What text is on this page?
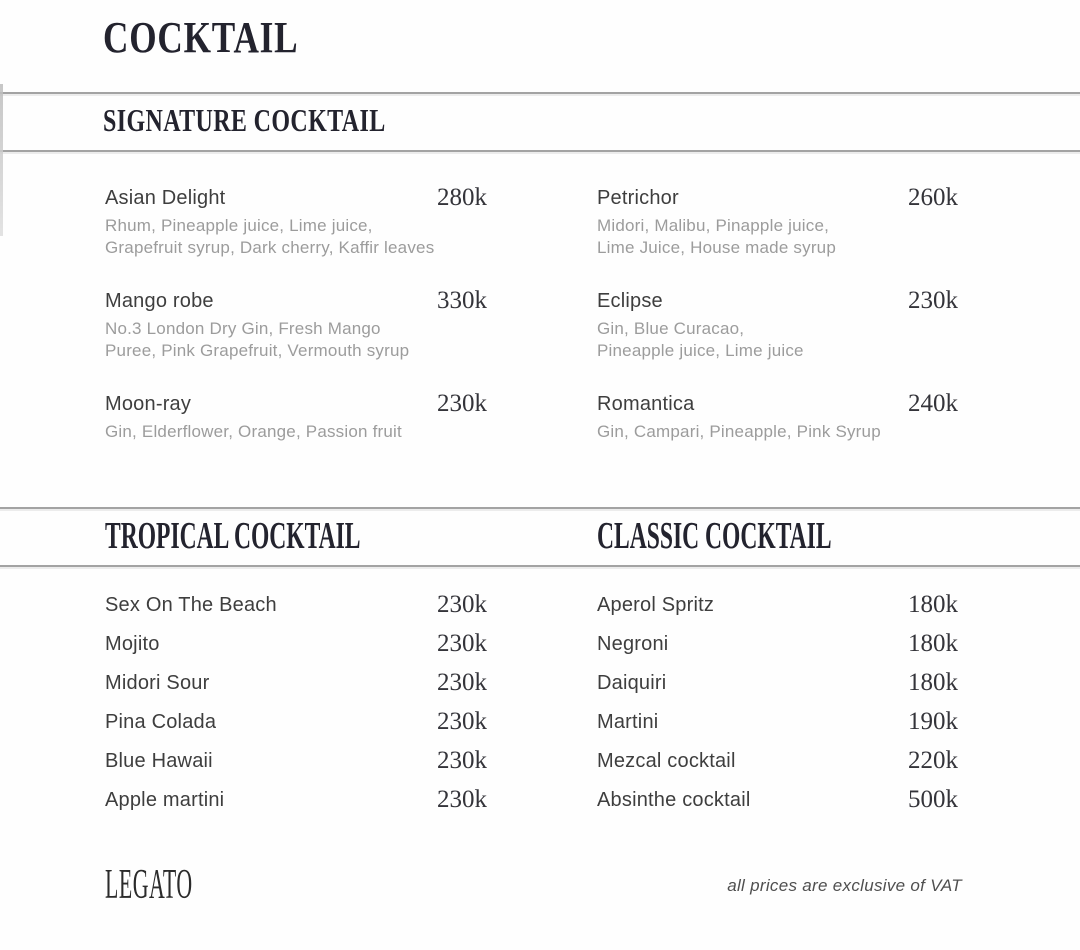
COCKTAIL
SIGNATURE COCKTAIL
Asian Delight	280k
Rhum, Pineapple juice, Lime juice,
Grapefruit syrup, Dark cherry, Kaffir leaves
Mango robe	330k
No.3 London Dry Gin, Fresh Mango
Puree, Pink Grapefruit, Vermouth syrup
Moon-ray	230k
Gin, Elderflower, Orange, Passion fruit
Petrichor	260k
Midori, Malibu, Pinapple juice,
Lime Juice, House made syrup
Eclipse	230k
Gin, Blue Curacao,
Pineapple juice, Lime juice
Romantica	240k
Gin, Campari, Pineapple, Pink Syrup
TROPICAL COCKTAIL	CLASSIC COCKTAIL
Sex On The Beach	230k
Mojito	230k
Midori Sour	230k
Pina Colada	230k
Blue Hawaii	230k
Apple martini	230k
Aperol Spritz	180k
Negroni	180k
Daiquiri	180k
Martini	190k
Mezcal cocktail	220k
Absinthe cocktail	500k
LEGATO	all prices are exclusive of VAT
